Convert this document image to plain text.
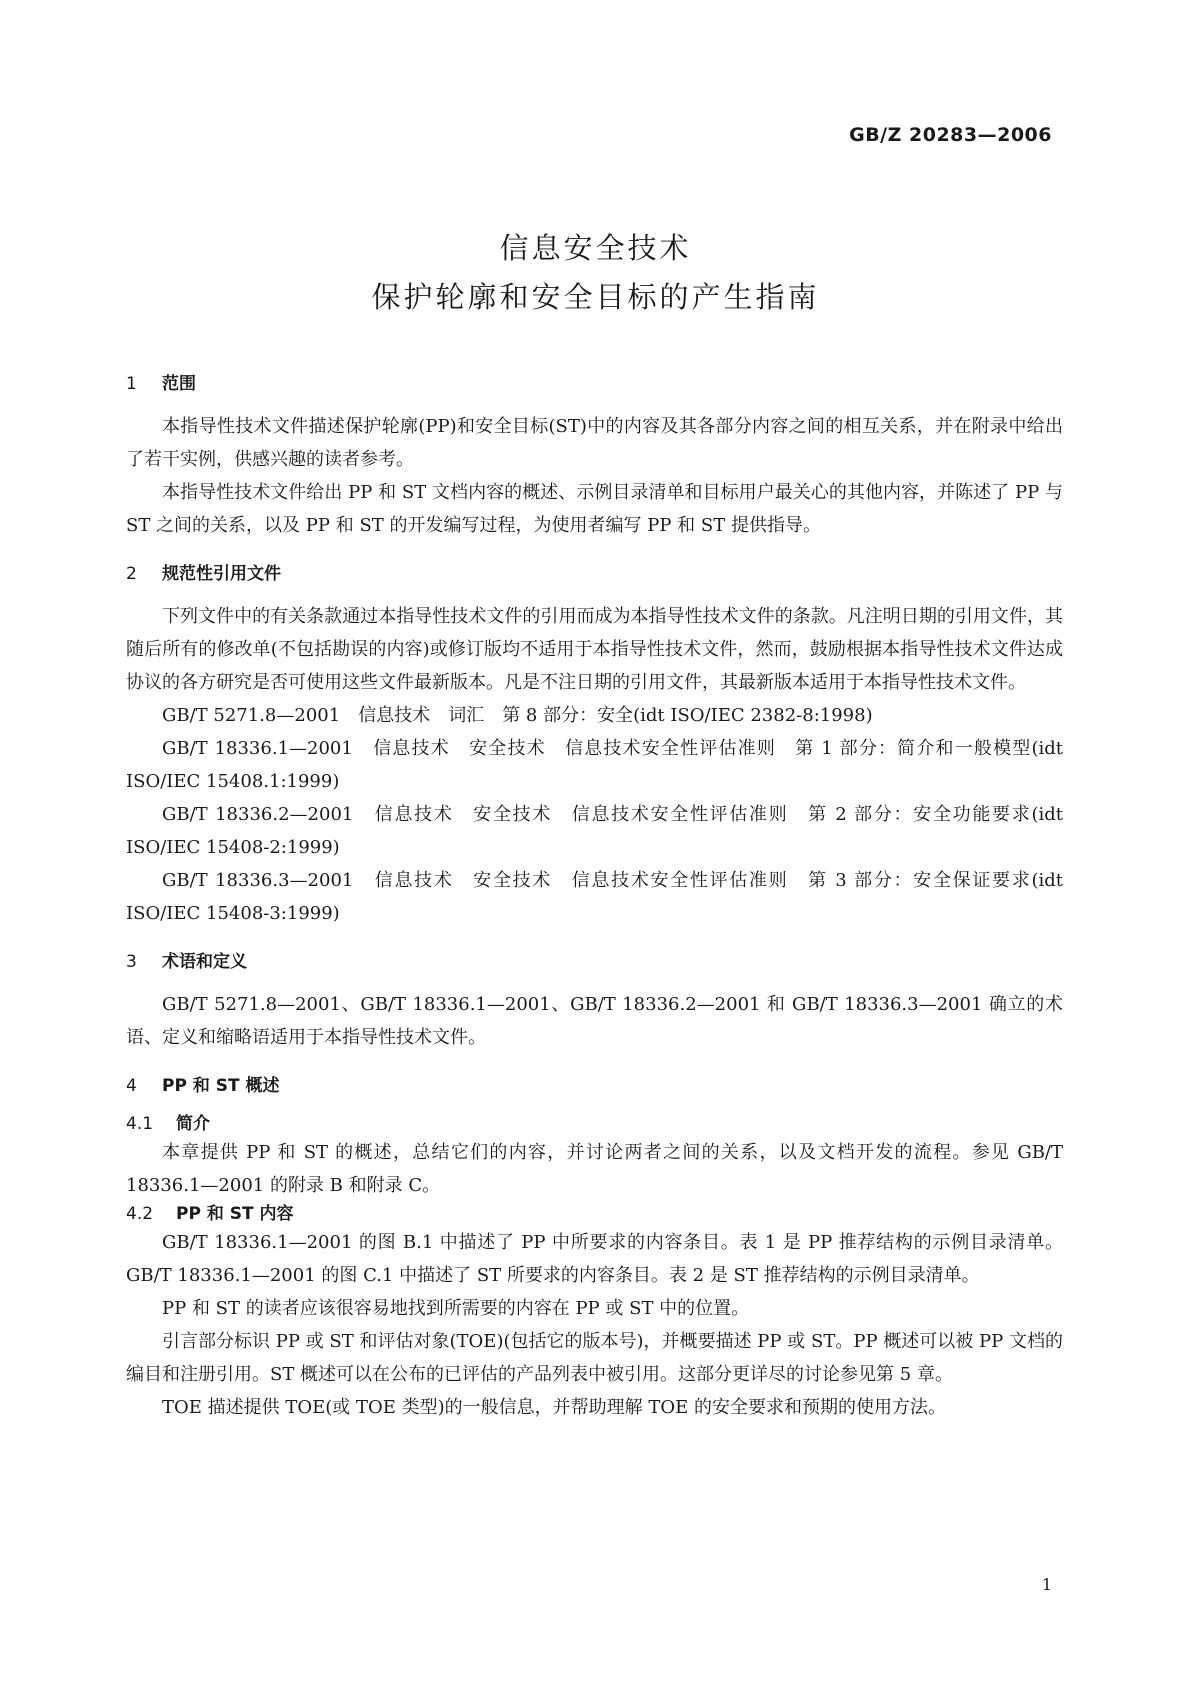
GB/Z 20283—2006
信息安全技术
保护轮廓和安全目标的产生指南
1 范围

本指导性技术文件描述保护轮廓(PP)和安全目标(ST)中的内容及其各部分内容之间的相互关系，并在附录中给出了若干实例，供感兴趣的读者参考。

本指导性技术文件给出 PP 和 ST 文档内容的概述、示例目录清单和目标用户最关心的其他内容，并陈述了 PP 与 ST 之间的关系，以及 PP 和 ST 的开发编写过程，为使用者编写 PP 和 ST 提供指导。

2 规范性引用文件

下列文件中的有关条款通过本指导性技术文件的引用而成为本指导性技术文件的条款。凡注明日期的引用文件，其随后所有的修改单(不包括勘误的内容)或修订版均不适用于本指导性技术文件，然而，鼓励根据本指导性技术文件达成协议的各方研究是否可使用这些文件最新版本。凡是不注日期的引用文件，其最新版本适用于本指导性技术文件。

GB/T 5271.8—2001　信息技术　词汇　第 8 部分：安全(idt ISO/IEC 2382-8:1998)

GB/T 18336.1—2001　信息技术　安全技术　信息技术安全性评估准则　第 1 部分：简介和一般模型(idt ISO/IEC 15408.1:1999)

GB/T 18336.2—2001　信息技术　安全技术　信息技术安全性评估准则　第 2 部分：安全功能要求(idt ISO/IEC 15408-2:1999)

GB/T 18336.3—2001　信息技术　安全技术　信息技术安全性评估准则　第 3 部分：安全保证要求(idt ISO/IEC 15408-3:1999)

3 术语和定义

GB/T 5271.8—2001、GB/T 18336.1—2001、GB/T 18336.2—2001 和 GB/T 18336.3—2001 确立的术语、定义和缩略语适用于本指导性技术文件。

4 PP 和 ST 概述
4.1 简介

本章提供 PP 和 ST 的概述，总结它们的内容，并讨论两者之间的关系，以及文档开发的流程。参见 GB/T 18336.1—2001 的附录 B 和附录 C。

4.2 PP 和 ST 内容

GB/T 18336.1—2001 的图 B.1 中描述了 PP 中所要求的内容条目。表 1 是 PP 推荐结构的示例目录清单。GB/T 18336.1—2001 的图 C.1 中描述了 ST 所要求的内容条目。表 2 是 ST 推荐结构的示例目录清单。

PP 和 ST 的读者应该很容易地找到所需要的内容在 PP 或 ST 中的位置。

引言部分标识 PP 或 ST 和评估对象(TOE)(包括它的版本号)，并概要描述 PP 或 ST。PP 概述可以被 PP 文档的编目和注册引用。ST 概述可以在公布的已评估的产品列表中被引用。这部分更详尽的讨论参见第 5 章。

TOE 描述提供 TOE(或 TOE 类型)的一般信息，并帮助理解 TOE 的安全要求和预期的使用方法。

1
